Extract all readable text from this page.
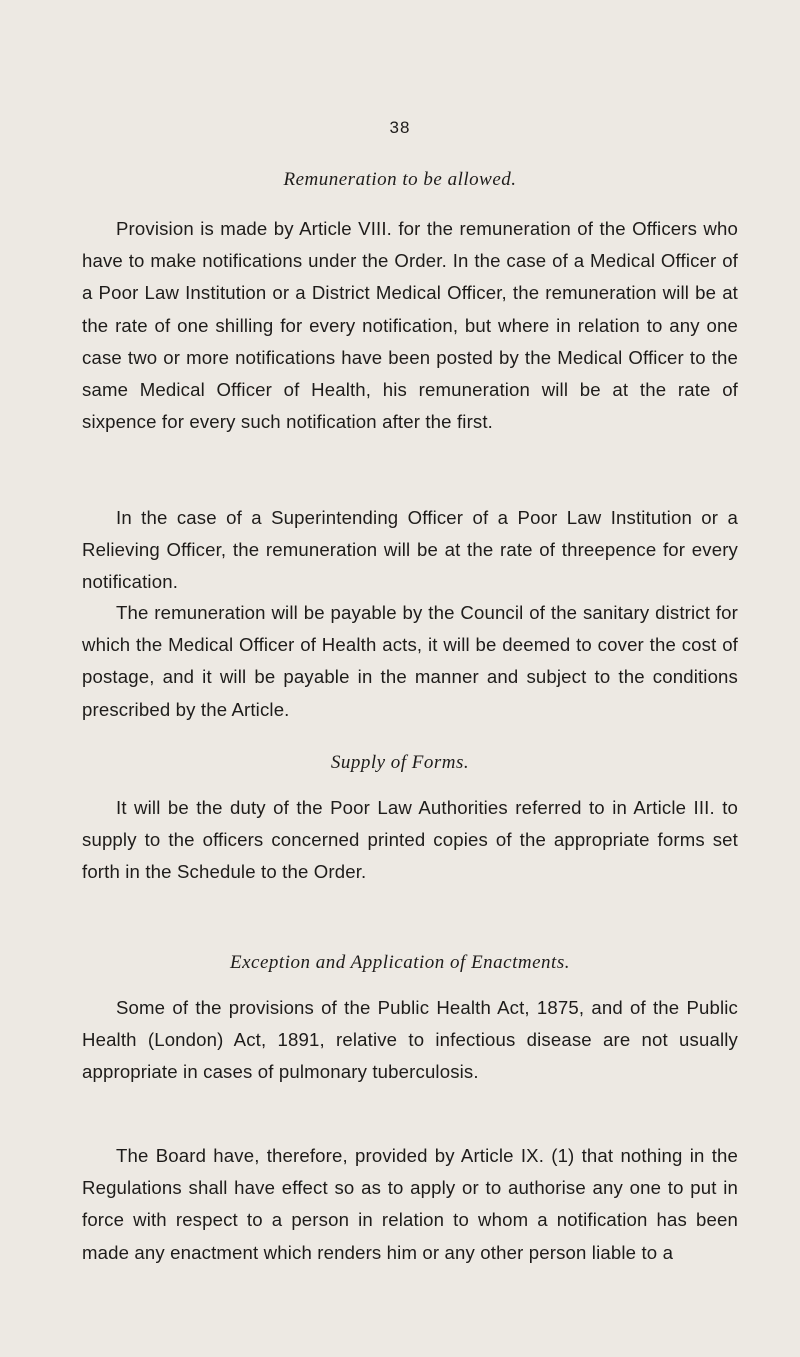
38
Remuneration to be allowed.

Provision is made by Article VIII. for the remuneration of the Officers who have to make notifications under the Order. In the case of a Medical Officer of a Poor Law Institution or a District Medical Officer, the remuneration will be at the rate of one shilling for every notification, but where in relation to any one case two or more notifications have been posted by the Medical Officer to the same Medical Officer of Health, his remuneration will be at the rate of sixpence for every such notification after the first.

In the case of a Superintending Officer of a Poor Law Institution or a Relieving Officer, the remuneration will be at the rate of threepence for every notification.

The remuneration will be payable by the Council of the sanitary district for which the Medical Officer of Health acts, it will be deemed to cover the cost of postage, and it will be payable in the manner and subject to the conditions prescribed by the Article.

Supply of Forms.

It will be the duty of the Poor Law Authorities referred to in Article III. to supply to the officers concerned printed copies of the appropriate forms set forth in the Schedule to the Order.

Exception and Application of Enactments.

Some of the provisions of the Public Health Act, 1875, and of the Public Health (London) Act, 1891, relative to infectious disease are not usually appropriate in cases of pulmonary tuberculosis.

The Board have, therefore, provided by Article IX. (1) that nothing in the Regulations shall have effect so as to apply or to authorise any one to put in force with respect to a person in relation to whom a notification has been made any enactment which renders him or any other person liable to a
